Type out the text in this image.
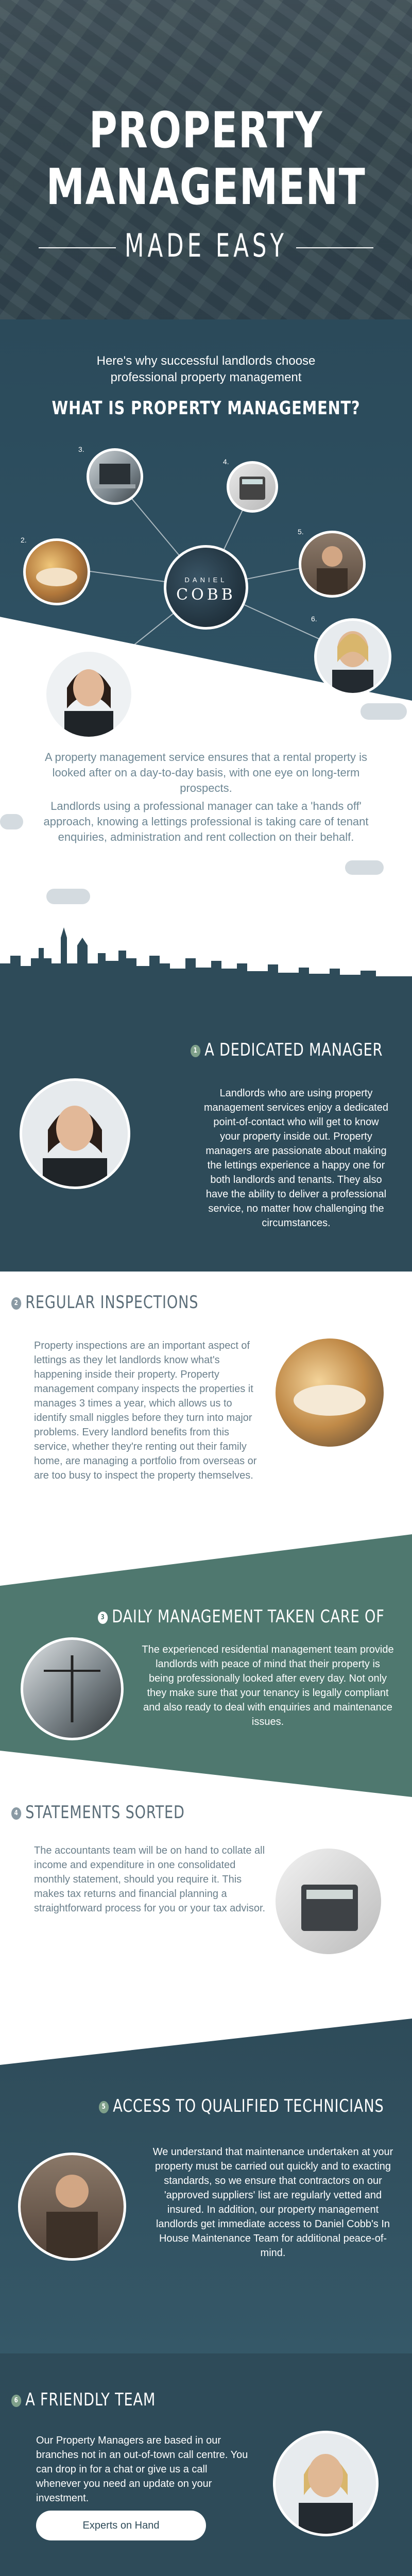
PROPERTY
MANAGEMENT
MADE EASY
Here's why successful landlords choose professional property management
WHAT IS PROPERTY MANAGEMENT?
3.
4.
2.
5.
DANIEL
COBB
6.
1.
A property management service ensures that a rental property is looked after on a day-to-day basis, with one eye on long-term prospects.
Landlords using a professional manager can take a 'hands off' approach, knowing a lettings professional is taking care of tenant enquiries, administration and rent collection on their behalf.
1 A DEDICATED MANAGER
Landlords who are using property management services enjoy a dedicated point-of-contact who will get to know your property inside out. Property managers are passionate about making the lettings experience a happy one for both landlords and tenants. They also have the ability to deliver a professional service, no matter how challenging the circumstances.
2 REGULAR INSPECTIONS
Property inspections are an important aspect of lettings as they let landlords know what's happening inside their property. Property management company inspects the properties it manages 3 times a year, which allows us to identify small niggles before they turn into major problems. Every landlord benefits from this service, whether they're renting out their family home, are managing a portfolio from overseas or are too busy to inspect the property themselves.
3 DAILY MANAGEMENT TAKEN CARE OF
The experienced residential management team provide landlords with peace of mind that their property is being professionally looked after every day. Not only they make sure that your tenancy is legally compliant and also ready to deal with enquiries and maintenance issues.
4 STATEMENTS SORTED
The accountants team will be on hand to collate all income and expenditure in one consolidated monthly statement, should you require it. This makes tax returns and financial planning a straightforward process for you or your tax advisor.
5 ACCESS TO QUALIFIED TECHNICIANS
We understand that maintenance undertaken at your property must be carried out quickly and to exacting standards, so we ensure that contractors on our 'approved suppliers' list are regularly vetted and insured. In addition, our property management landlords get immediate access to Daniel Cobb's In House Maintenance Team for additional peace-of-mind.
6 A FRIENDLY TEAM
Our Property Managers are based in our branches not in an out-of-town call centre. You can drop in for a chat or give us a call whenever you need an update on your investment.
Experts on Hand
